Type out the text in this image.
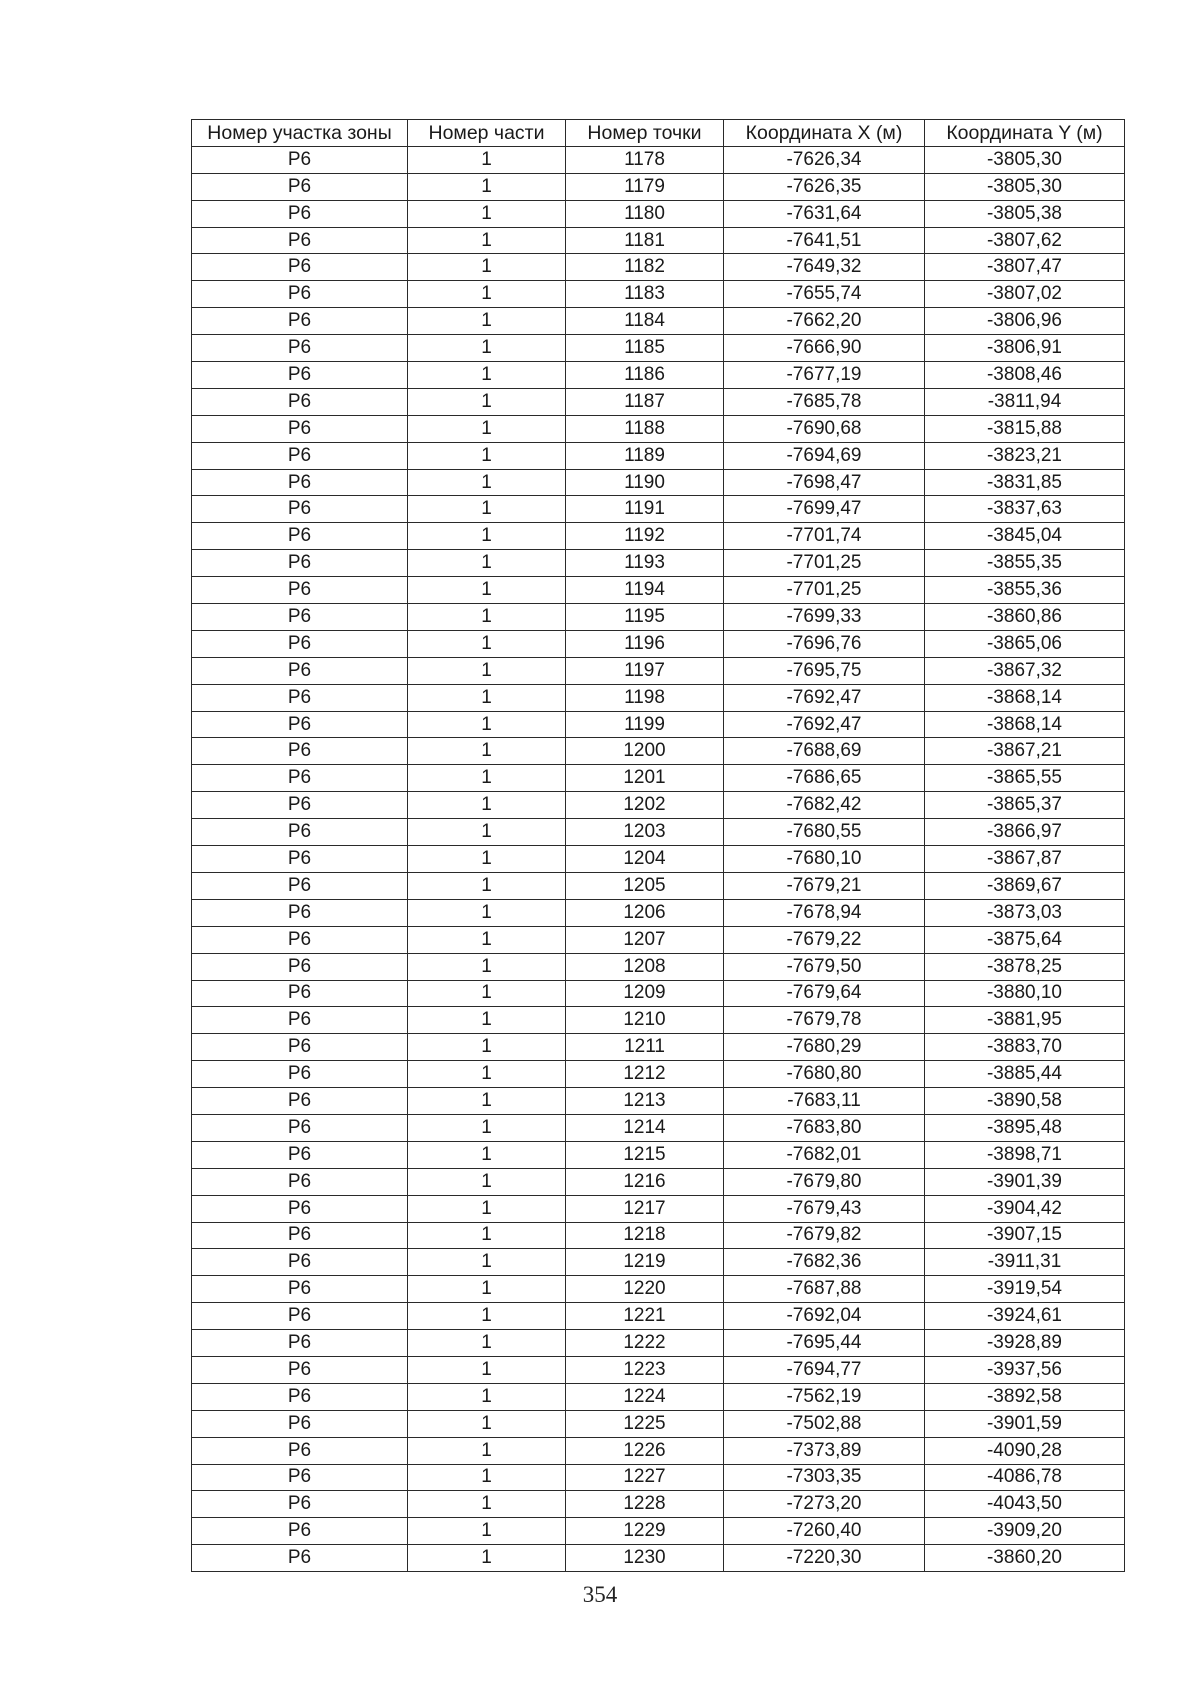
Номер участка зоны	Номер части	Номер точки	Координата X (м)	Координата Y (м)
Р6	1	1178	-7626,34	-3805,30
Р6	1	1179	-7626,35	-3805,30
Р6	1	1180	-7631,64	-3805,38
Р6	1	1181	-7641,51	-3807,62
Р6	1	1182	-7649,32	-3807,47
Р6	1	1183	-7655,74	-3807,02
Р6	1	1184	-7662,20	-3806,96
Р6	1	1185	-7666,90	-3806,91
Р6	1	1186	-7677,19	-3808,46
Р6	1	1187	-7685,78	-3811,94
Р6	1	1188	-7690,68	-3815,88
Р6	1	1189	-7694,69	-3823,21
Р6	1	1190	-7698,47	-3831,85
Р6	1	1191	-7699,47	-3837,63
Р6	1	1192	-7701,74	-3845,04
Р6	1	1193	-7701,25	-3855,35
Р6	1	1194	-7701,25	-3855,36
Р6	1	1195	-7699,33	-3860,86
Р6	1	1196	-7696,76	-3865,06
Р6	1	1197	-7695,75	-3867,32
Р6	1	1198	-7692,47	-3868,14
Р6	1	1199	-7692,47	-3868,14
Р6	1	1200	-7688,69	-3867,21
Р6	1	1201	-7686,65	-3865,55
Р6	1	1202	-7682,42	-3865,37
Р6	1	1203	-7680,55	-3866,97
Р6	1	1204	-7680,10	-3867,87
Р6	1	1205	-7679,21	-3869,67
Р6	1	1206	-7678,94	-3873,03
Р6	1	1207	-7679,22	-3875,64
Р6	1	1208	-7679,50	-3878,25
Р6	1	1209	-7679,64	-3880,10
Р6	1	1210	-7679,78	-3881,95
Р6	1	1211	-7680,29	-3883,70
Р6	1	1212	-7680,80	-3885,44
Р6	1	1213	-7683,11	-3890,58
Р6	1	1214	-7683,80	-3895,48
Р6	1	1215	-7682,01	-3898,71
Р6	1	1216	-7679,80	-3901,39
Р6	1	1217	-7679,43	-3904,42
Р6	1	1218	-7679,82	-3907,15
Р6	1	1219	-7682,36	-3911,31
Р6	1	1220	-7687,88	-3919,54
Р6	1	1221	-7692,04	-3924,61
Р6	1	1222	-7695,44	-3928,89
Р6	1	1223	-7694,77	-3937,56
Р6	1	1224	-7562,19	-3892,58
Р6	1	1225	-7502,88	-3901,59
Р6	1	1226	-7373,89	-4090,28
Р6	1	1227	-7303,35	-4086,78
Р6	1	1228	-7273,20	-4043,50
Р6	1	1229	-7260,40	-3909,20
Р6	1	1230	-7220,30	-3860,20
354
